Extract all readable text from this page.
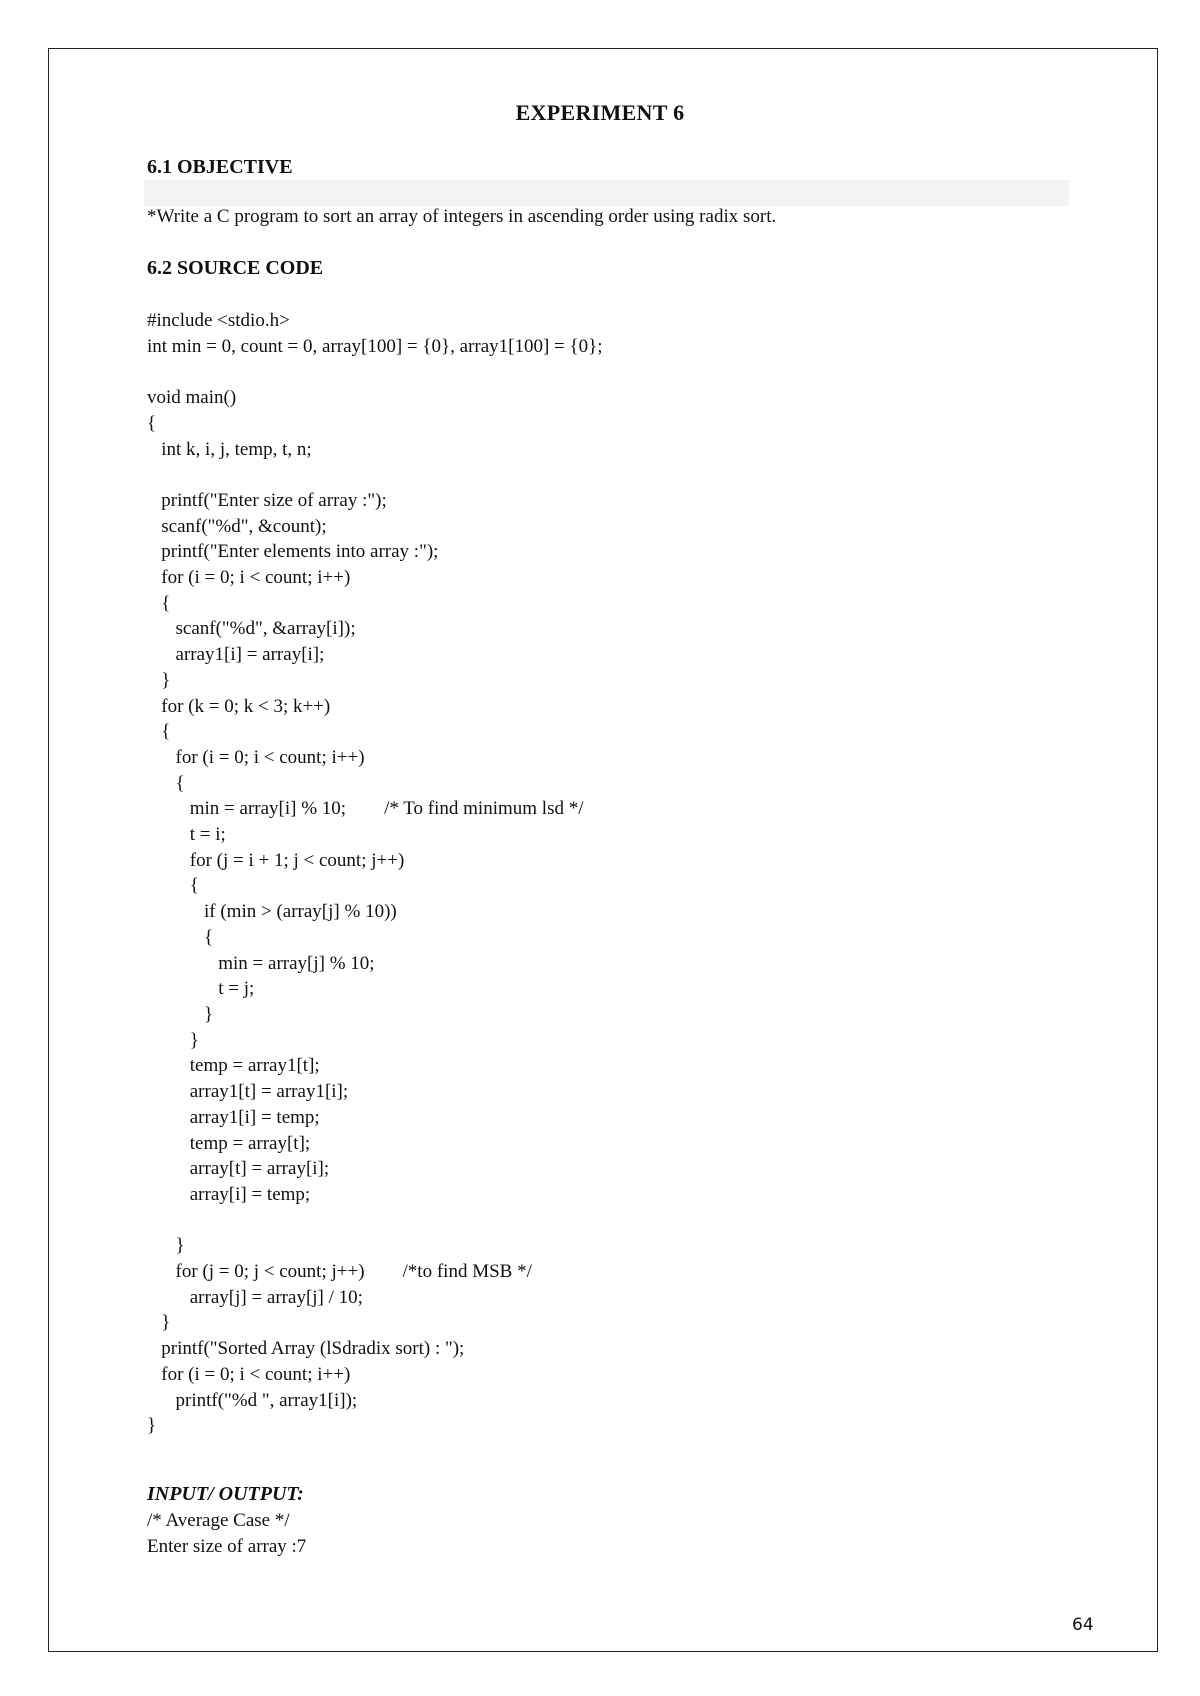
EXPERIMENT 6
6.1 OBJECTIVE
*Write a C program to sort an array of integers in ascending order using radix sort.
6.2 SOURCE CODE
#include <stdio.h>
int min = 0, count = 0, array[100] = {0}, array1[100] = {0};

void main()
{
int k, i, j, temp, t, n;

printf("Enter size of array :");
scanf("%d", &count);
printf("Enter elements into array :");
for (i = 0; i < count; i++)
{
scanf("%d", &array[i]);
array1[i] = array[i];
}
for (k = 0; k < 3; k++)
{
for (i = 0; i < count; i++)
{
min = array[i] % 10;        /* To find minimum lsd */
t = i;
for (j = i + 1; j < count; j++)
{
if (min > (array[j] % 10))
{
min = array[j] % 10;
t = j;
}
}
temp = array1[t];
array1[t] = array1[i];
array1[i] = temp;
temp = array[t];
array[t] = array[i];
array[i] = temp;

}
for (j = 0; j < count; j++)        /*to find MSB */
array[j] = array[j] / 10;
}
printf("Sorted Array (lSdradix sort) : ");
for (i = 0; i < count; i++)
printf("%d ", array1[i]);
}
INPUT/ OUTPUT:
/* Average Case */
Enter size of array :7
64
